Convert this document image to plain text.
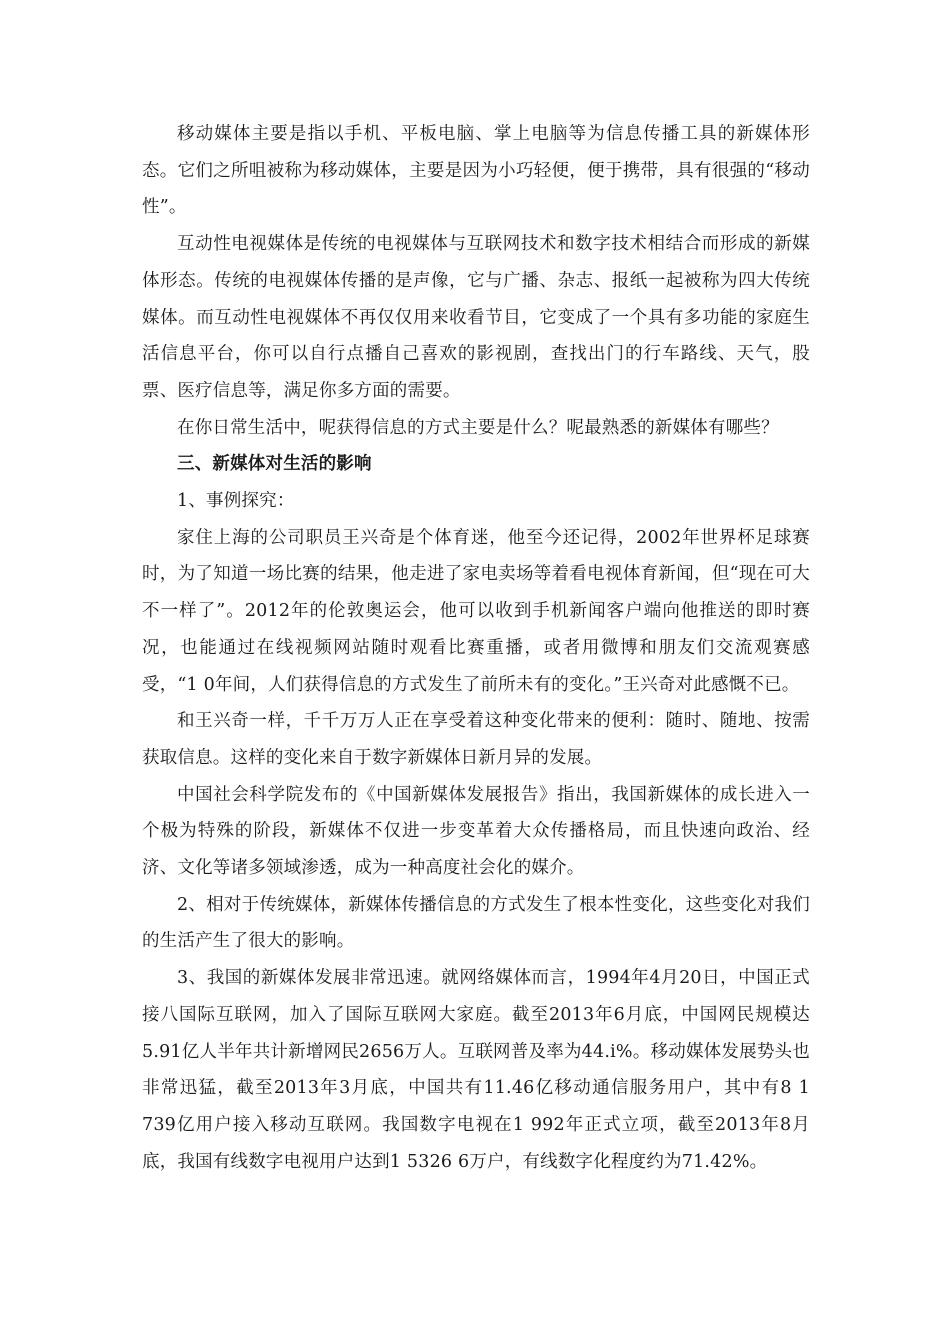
移动媒体主要是指以手机、平板电脑、掌上电脑等为信息传播工具的新媒体形态。它们之所咀被称为移动媒体，主要是因为小巧轻便，便于携带，具有很强的“移动性”。

互动性电视媒体是传统的电视媒体与互联网技术和数字技术相结合而形成的新媒体形态。传统的电视媒体传播的是声像，它与广播、杂志、报纸一起被称为四大传统媒体。而互动性电视媒体不再仅仅用来收看节目，它变成了一个具有多功能的家庭生活信息平台，你可以自行点播自己喜欢的影视剧，查找出门的行车路线、天气，股票、医疗信息等，满足你多方面的需要。

在你日常生活中，呢获得信息的方式主要是什么？呢最熟悉的新媒体有哪些？

三、新媒体对生活的影响

1、事例探究：

家住上海的公司职员王兴奇是个体育迷，他至今还记得，2002年世界杯足球赛时，为了知道一场比赛的结果，他走进了家电卖场等着看电视体育新闻，但“现在可大不一样了”。2012年的伦敦奥运会，他可以收到手机新闻客户端向他推送的即时赛况，也能通过在线视频网站随时观看比赛重播，或者用微博和朋友们交流观赛感受，“1 0年间，人们获得信息的方式发生了前所未有的变化。”王兴奇对此感慨不已。

和王兴奇一样，千千万万人正在享受着这种变化带来的便利：随时、随地、按需获取信息。这样的变化来自于数字新媒体日新月异的发展。

中国社会科学院发布的《中国新媒体发展报告》指出，我国新媒体的成长进入一个极为特殊的阶段，新媒体不仅进一步变革着大众传播格局，而且快速向政治、经济、文化等诸多领域渗透，成为一种高度社会化的媒介。

2、相对于传统媒体，新媒体传播信息的方式发生了根本性变化，这些变化对我们的生活产生了很大的影响。

3、我国的新媒体发展非常迅速。就网络媒体而言，1994年4月20日，中国正式接八国际互联网，加入了国际互联网大家庭。截至2013年6月底，中国网民规模达5.91亿人半年共计新增网民2656万人。互联网普及率为44.i%。移动媒体发展势头也非常迅猛，截至2013年3月底，中国共有11.46亿移动通信服务用户，其中有8 1 739亿用户接入移动互联网。我国数字电视在1 992年正式立项，截至2013年8月底，我国有线数字电视用户达到1 5326 6万户，有线数字化程度约为71.42%。
